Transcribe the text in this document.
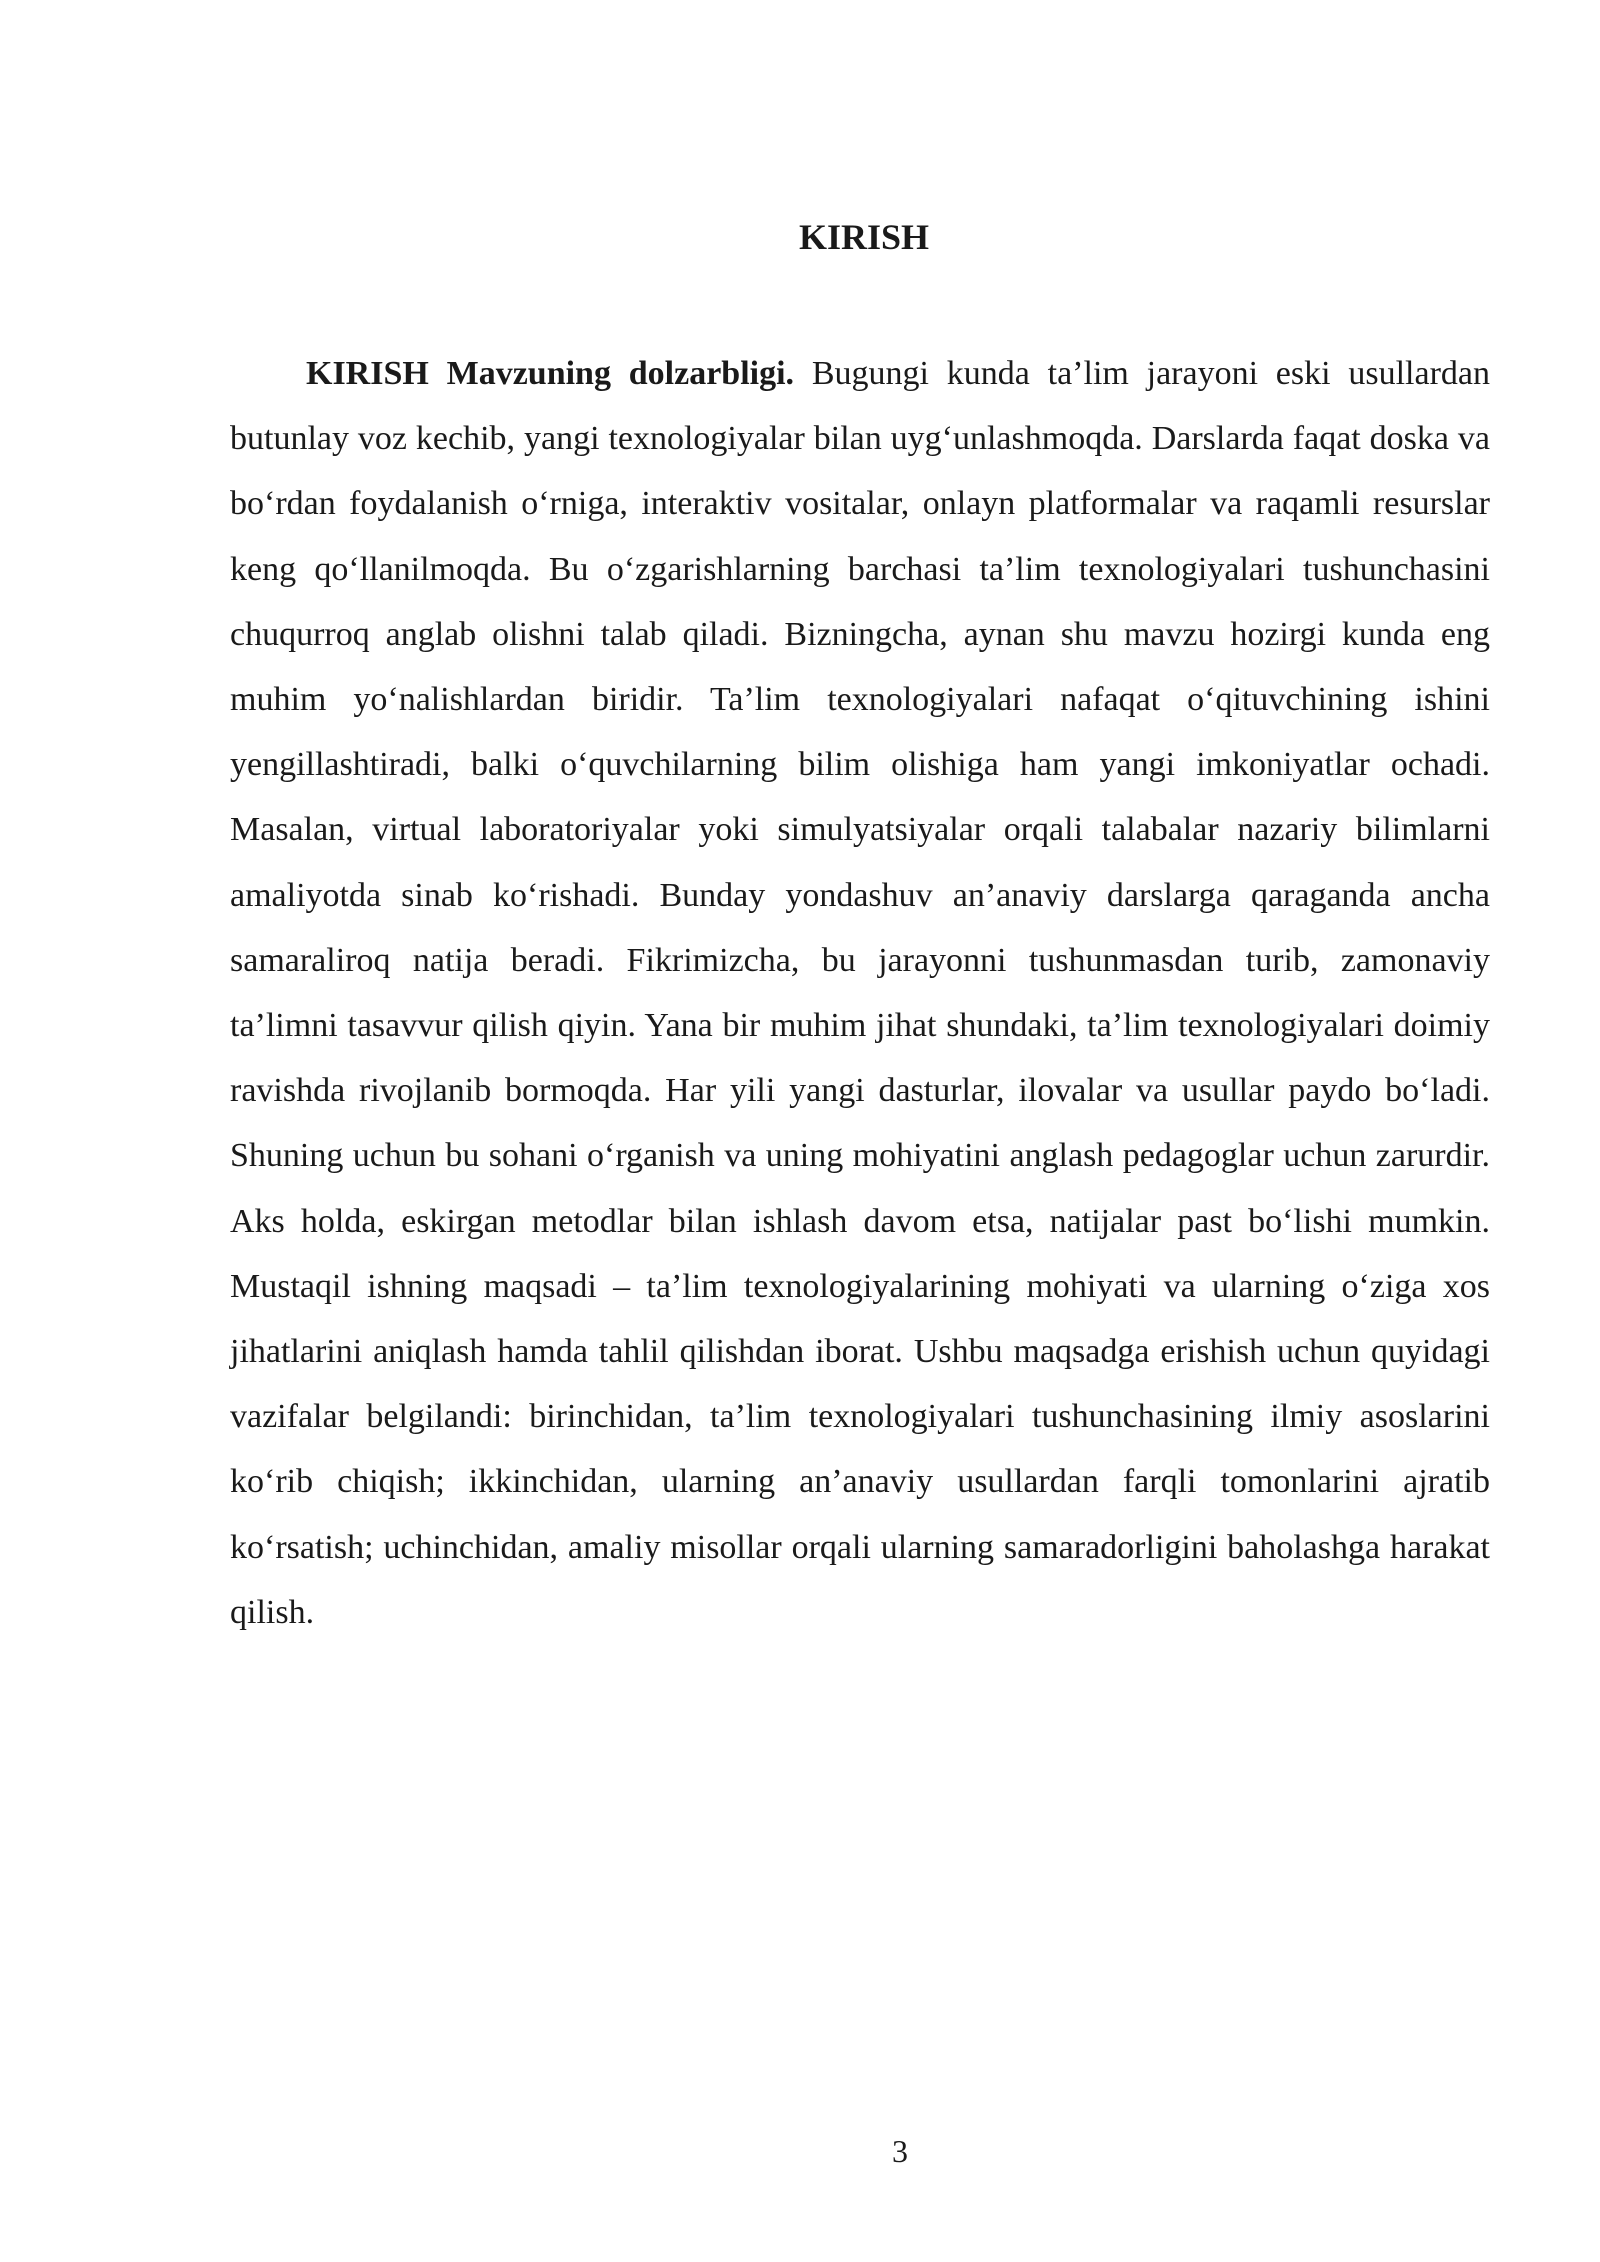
KIRISH

KIRISH Mavzuning dolzarbligi. Bugungi kunda ta’lim jarayoni eski usullardan butunlay voz kechib, yangi texnologiyalar bilan uyg‘unlashmoqda. Darslarda faqat doska va bo‘rdan foydalanish o‘rniga, interaktiv vositalar, onlayn platformalar va raqamli resurslar keng qo‘llanilmoqda. Bu o‘zgarishlarning barchasi ta’lim texnologiyalari tushunchasini chuqurroq anglab olishni talab qiladi. Bizningcha, aynan shu mavzu hozirgi kunda eng muhim yo‘nalishlardan biridir. Ta’lim texnologiyalari nafaqat o‘qituvchining ishini yengillashtiradi, balki o‘quvchilarning bilim olishiga ham yangi imkoniyatlar ochadi. Masalan, virtual laboratoriyalar yoki simulyatsiyalar orqali talabalar nazariy bilimlarni amaliyotda sinab ko‘rishadi. Bunday yondashuv an’anaviy darslarga qaraganda ancha samaraliroq natija beradi. Fikrimizcha, bu jarayonni tushunmasdan turib, zamonaviy ta’limni tasavvur qilish qiyin. Yana bir muhim jihat shundaki, ta’lim texnologiyalari doimiy ravishda rivojlanib bormoqda. Har yili yangi dasturlar, ilovalar va usullar paydo bo‘ladi. Shuning uchun bu sohani o‘rganish va uning mohiyatini anglash pedagoglar uchun zarurdir. Aks holda, eskirgan metodlar bilan ishlash davom etsa, natijalar past bo‘lishi mumkin. Mustaqil ishning maqsadi – ta’lim texnologiyalarining mohiyati va ularning o‘ziga xos jihatlarini aniqlash hamda tahlil qilishdan iborat. Ushbu maqsadga erishish uchun quyidagi vazifalar belgilandi: birinchidan, ta’lim texnologiyalari tushunchasining ilmiy asoslarini ko‘rib chiqish; ikkinchidan, ularning an’anaviy usullardan farqli tomonlarini ajratib ko‘rsatish; uchinchidan, amaliy misollar orqali ularning samaradorligini baholashga harakat qilish.

3
